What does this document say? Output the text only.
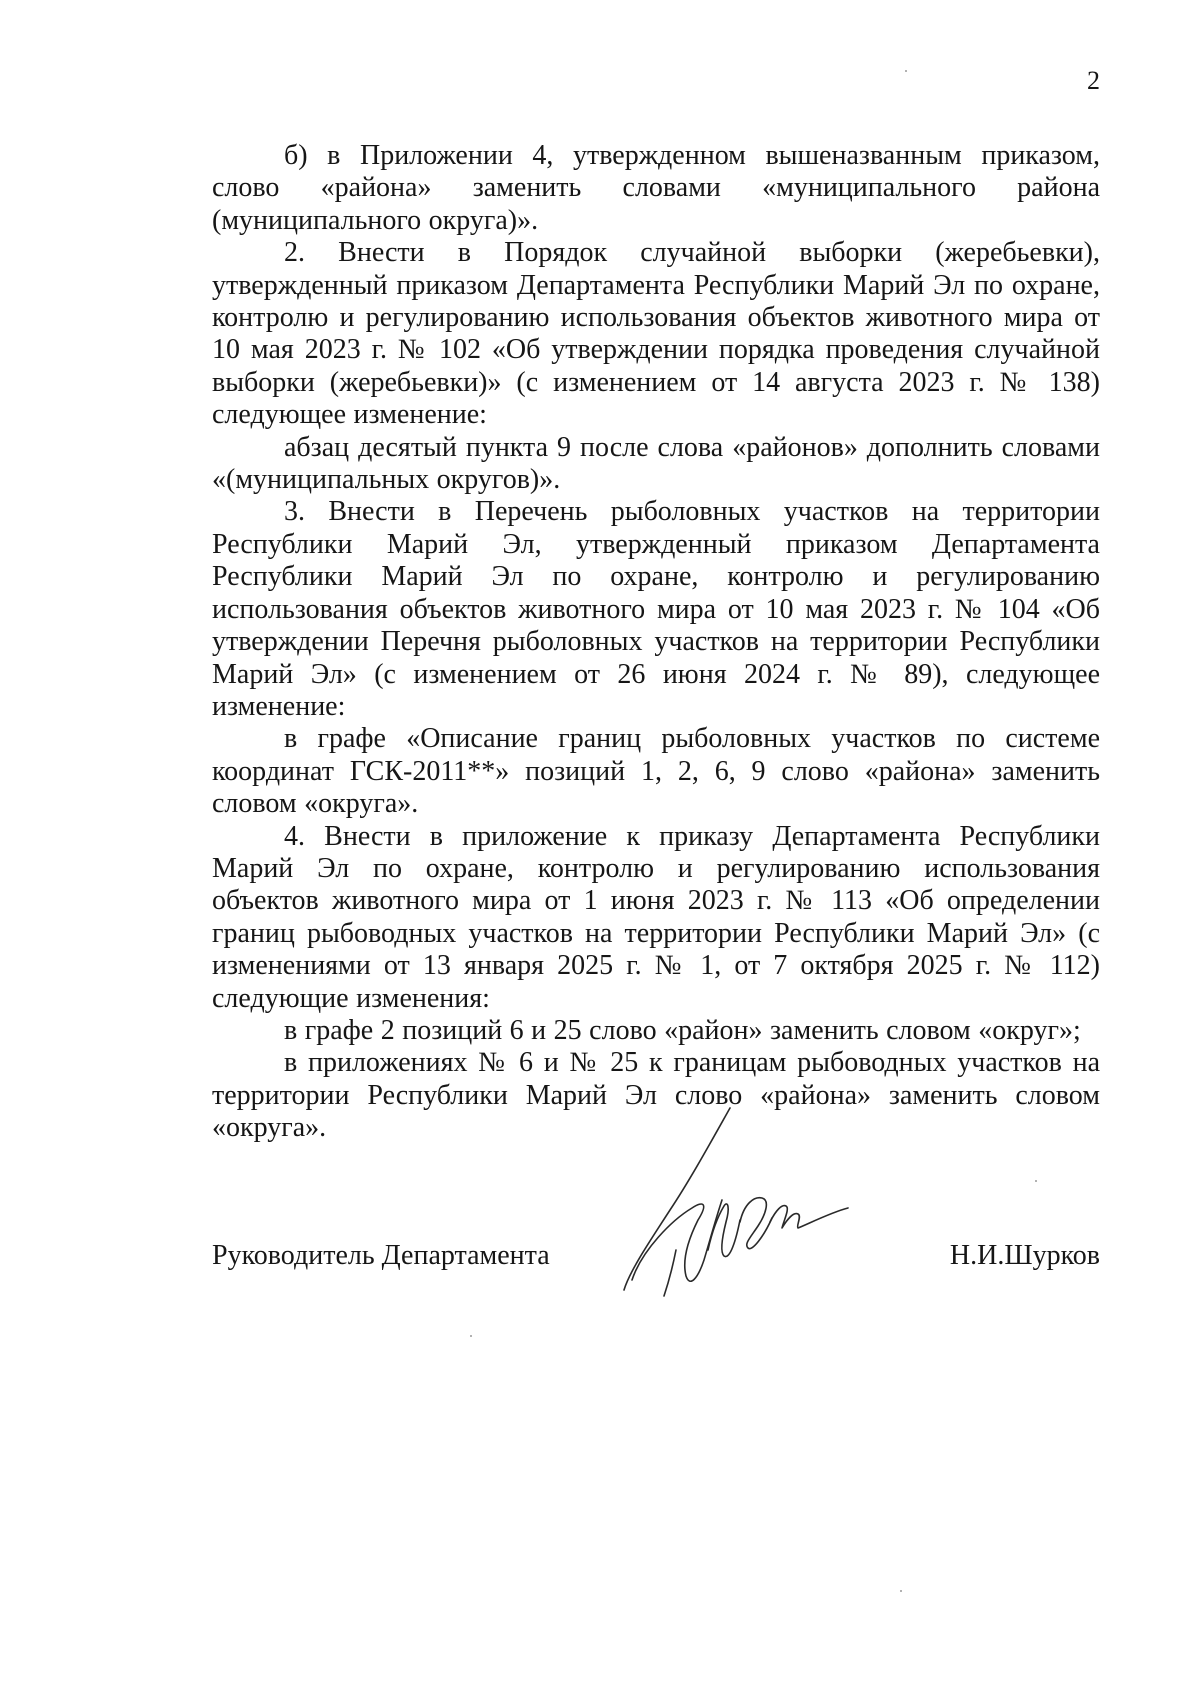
2

б) в Приложении 4, утвержденном вышеназванным приказом, слово «района» заменить словами «муниципального района (муниципального округа)».

2. Внести в Порядок случайной выборки (жеребьевки), утвержденный приказом Департамента Республики Марий Эл по охране, контролю и регулированию использования объектов животного мира от 10 мая 2023 г. № 102 «Об утверждении порядка проведения случайной выборки (жеребьевки)» (с изменением от 14 августа 2023 г. № 138) следующее изменение:

абзац десятый пункта 9 после слова «районов» дополнить словами «(муниципальных округов)».

3. Внести в Перечень рыболовных участков на территории Республики Марий Эл, утвержденный приказом Департамента Республики Марий Эл по охране, контролю и регулированию использования объектов животного мира от 10 мая 2023 г. № 104 «Об утверждении Перечня рыболовных участков на территории Республики Марий Эл» (с изменением от 26 июня 2024 г. № 89), следующее изменение:

в графе «Описание границ рыболовных участков по системе координат ГСК-2011**» позиций 1, 2, 6, 9 слово «района» заменить словом «округа».

4. Внести в приложение к приказу Департамента Республики Марий Эл по охране, контролю и регулированию использования объектов животного мира от 1 июня 2023 г. № 113 «Об определении границ рыбоводных участков на территории Республики Марий Эл» (с изменениями от 13 января 2025 г. № 1, от 7 октября 2025 г. № 112) следующие изменения:

в графе 2 позиций 6 и 25 слово «район» заменить словом «округ»;

в приложениях № 6 и № 25 к границам рыбоводных участков на территории Республики Марий Эл слово «района» заменить словом «округа».

Руководитель Департамента	Н.И.Шурков
